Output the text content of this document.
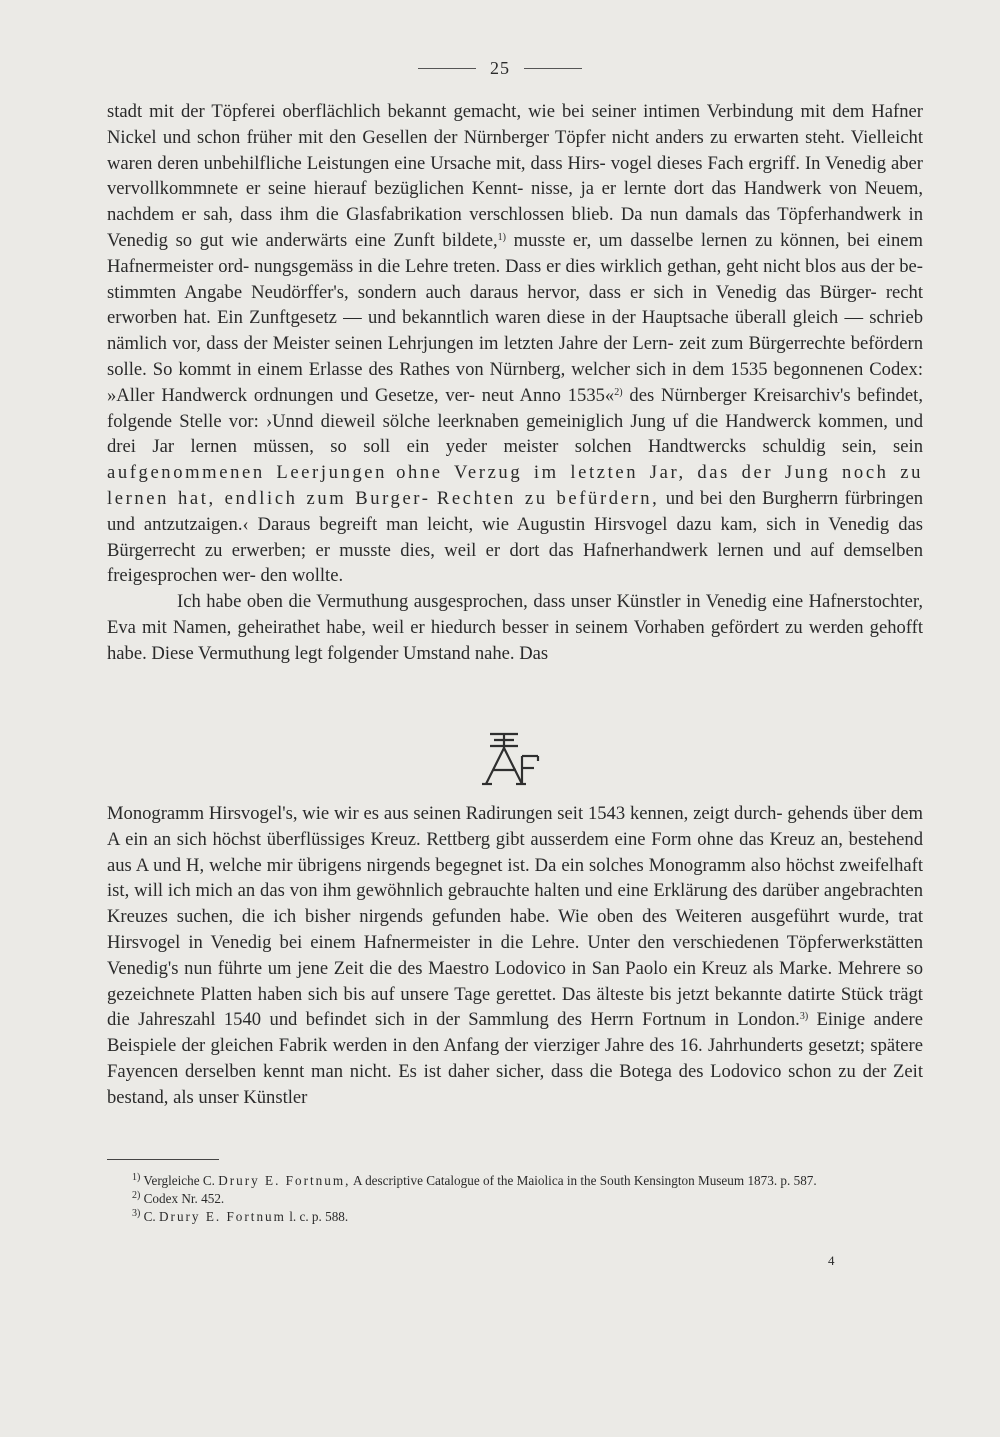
25

stadt mit der Töpferei oberflächlich bekannt gemacht, wie bei seiner intimen Verbindung mit dem Hafner Nickel und schon früher mit den Gesellen der Nürnberger Töpfer nicht anders zu erwarten steht. Vielleicht waren deren unbehilfliche Leistungen eine Ursache mit, dass Hirs- vogel dieses Fach ergriff. In Venedig aber vervollkommnete er seine hierauf bezüglichen Kennt- nisse, ja er lernte dort das Handwerk von Neuem, nachdem er sah, dass ihm die Glasfabrikation verschlossen blieb. Da nun damals das Töpferhandwerk in Venedig so gut wie anderwärts eine Zunft bildete,$^{1)}$ musste er, um dasselbe lernen zu können, bei einem Hafnermeister ord- nungsgemäss in die Lehre treten. Dass er dies wirklich gethan, geht nicht blos aus der be- stimmten Angabe Neudörffer's, sondern auch daraus hervor, dass er sich in Venedig das Bürger- recht erworben hat. Ein Zunftgesetz — und bekanntlich waren diese in der Hauptsache überall gleich — schrieb nämlich vor, dass der Meister seinen Lehrjungen im letzten Jahre der Lern- zeit zum Bürgerrechte befördern solle. So kommt in einem Erlasse des Rathes von Nürnberg, welcher sich in dem 1535 begonnenen Codex: »Aller Handwerck ordnungen und Gesetze, ver- neut Anno 1535«$^{2)}$ des Nürnberger Kreisarchiv's befindet, folgende Stelle vor: ›Unnd dieweil sölche leerknaben gemeiniglich Jung uf die Handwerck kommen, und drei Jar lernen müssen, so soll ein yeder meister solchen Handtwercks schuldig sein, sein aufgenommenen Leerjungen ohne Verzug im letzten Jar, das der Jung noch zu lernen hat, endlich zum Burger- Rechten zu befürdern, und bei den Burgherrn fürbringen und antzutzaigen.‹ Daraus begreift man leicht, wie Augustin Hirsvogel dazu kam, sich in Venedig das Bürgerrecht zu erwerben; er musste dies, weil er dort das Hafnerhandwerk lernen und auf demselben freigesprochen wer- den wollte.

Ich habe oben die Vermuthung ausgesprochen, dass unser Künstler in Venedig eine Hafnerstochter, Eva mit Namen, geheirathet habe, weil er hiedurch besser in seinem Vorhaben gefördert zu werden gehofft habe. Diese Vermuthung legt folgender Umstand nahe. Das

Monogramm Hirsvogel's, wie wir es aus seinen Radirungen seit 1543 kennen, zeigt durch- gehends über dem A ein an sich höchst überflüssiges Kreuz. Rettberg gibt ausserdem eine Form ohne das Kreuz an, bestehend aus A und H, welche mir übrigens nirgends begegnet ist. Da ein solches Monogramm also höchst zweifelhaft ist, will ich mich an das von ihm gewöhnlich gebrauchte halten und eine Erklärung des darüber angebrachten Kreuzes suchen, die ich bisher nirgends gefunden habe. Wie oben des Weiteren ausgeführt wurde, trat Hirsvogel in Venedig bei einem Hafnermeister in die Lehre. Unter den verschiedenen Töpferwerkstätten Venedig's nun führte um jene Zeit die des Maestro Lodovico in San Paolo ein Kreuz als Marke. Mehrere so gezeichnete Platten haben sich bis auf unsere Tage gerettet. Das älteste bis jetzt bekannte datirte Stück trägt die Jahreszahl 1540 und befindet sich in der Sammlung des Herrn Fortnum in London.$^{3)}$ Einige andere Beispiele der gleichen Fabrik werden in den Anfang der vierziger Jahre des 16. Jahrhunderts gesetzt; spätere Fayencen derselben kennt man nicht. Es ist daher sicher, dass die Botega des Lodovico schon zu der Zeit bestand, als unser Künstler

$^{1)}$ Vergleiche C. Drury E. Fortnum, A descriptive Catalogue of the Maiolica in the South Kensington Museum 1873. p. 587.

$^{2)}$ Codex Nr. 452.

$^{3)}$ C. Drury E. Fortnum l. c. p. 588.

4
